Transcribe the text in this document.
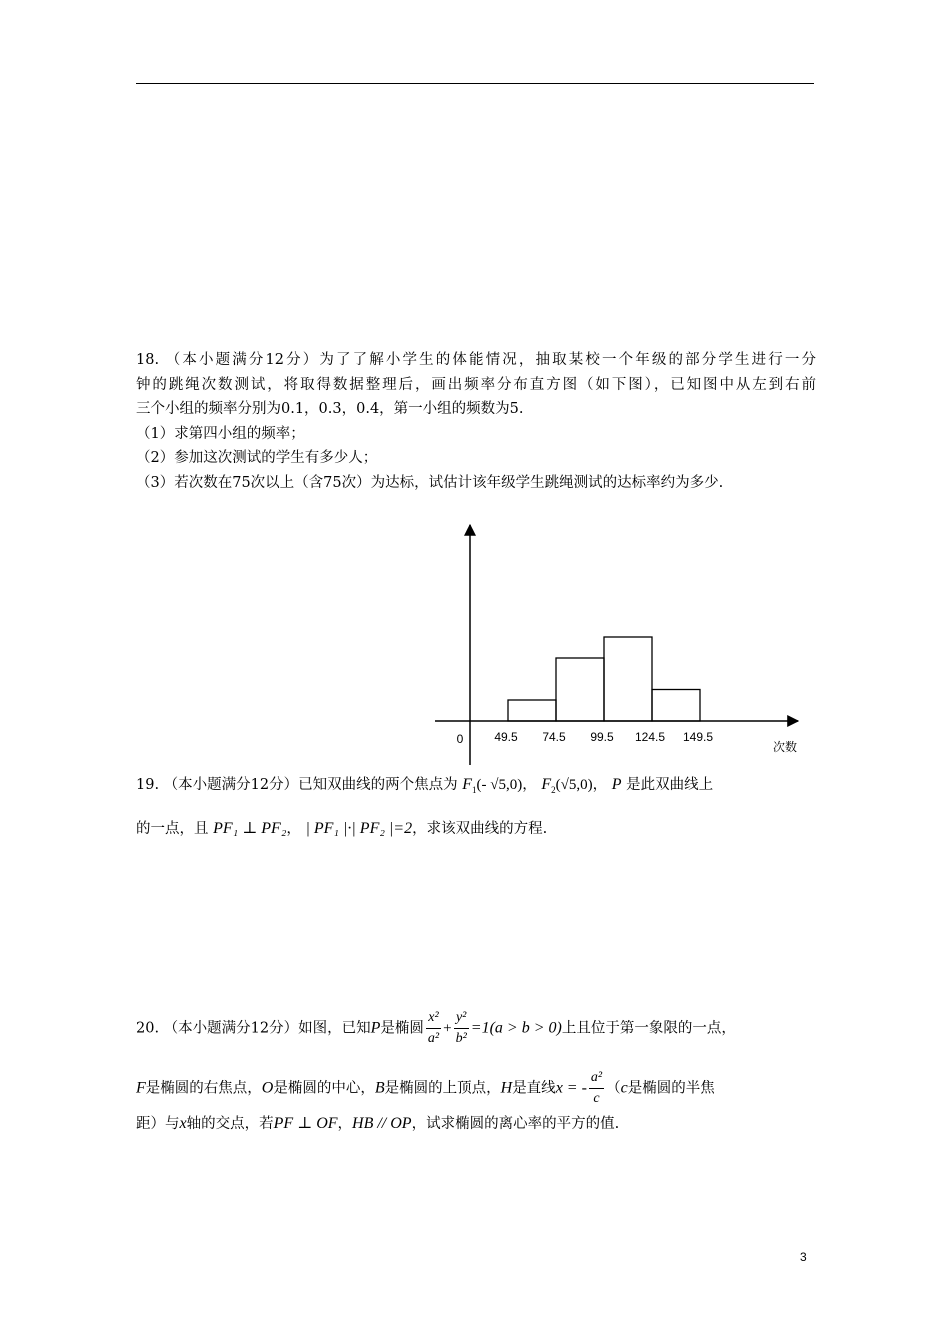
18. （本小题满分12分）为了了解小学生的体能情况，抽取某校一个年级的部分学生进行一分

钟的跳绳次数测试，将取得数据整理后，画出频率分布直方图（如下图），已知图中从左到右前

三个小组的频率分别为0.1，0.3，0.4，第一小组的频数为5.

（1）求第四小组的频率；

（2）参加这次测试的学生有多少人；

（3）若次数在75次以上（含75次）为达标，试估计该年级学生跳绳测试的达标率约为多少.

0	49.5 74.5 99.5 124.5 149.5
次数

19. （本小题满分12分）已知双曲线的两个焦点为 $F_1(-$ √5,0)， $F_2(√5,0)$， P 是此双曲线上

的一点，且 PF₁ ⊥ PF₂， | PF₁ |·| PF₂ |=2，求该双曲线的方程.

20. （本小题满分12分）如图，已知P是椭圆 $\frac{\text{x²}}{\text{a²}} + \frac{\text{y²}}{\text{b²}} =1(a > b > 0)$上且位于第一象限的一点，

F是椭圆的右焦点，O是椭圆的中心，B是椭圆的上顶点，H是直线x = - $\frac{\text{a²}}{c} (c$是椭圆的半焦

距）与x轴的交点，若PF ⊥ OF，HB // OP，试求椭圆的离心率的平方的值.

3
